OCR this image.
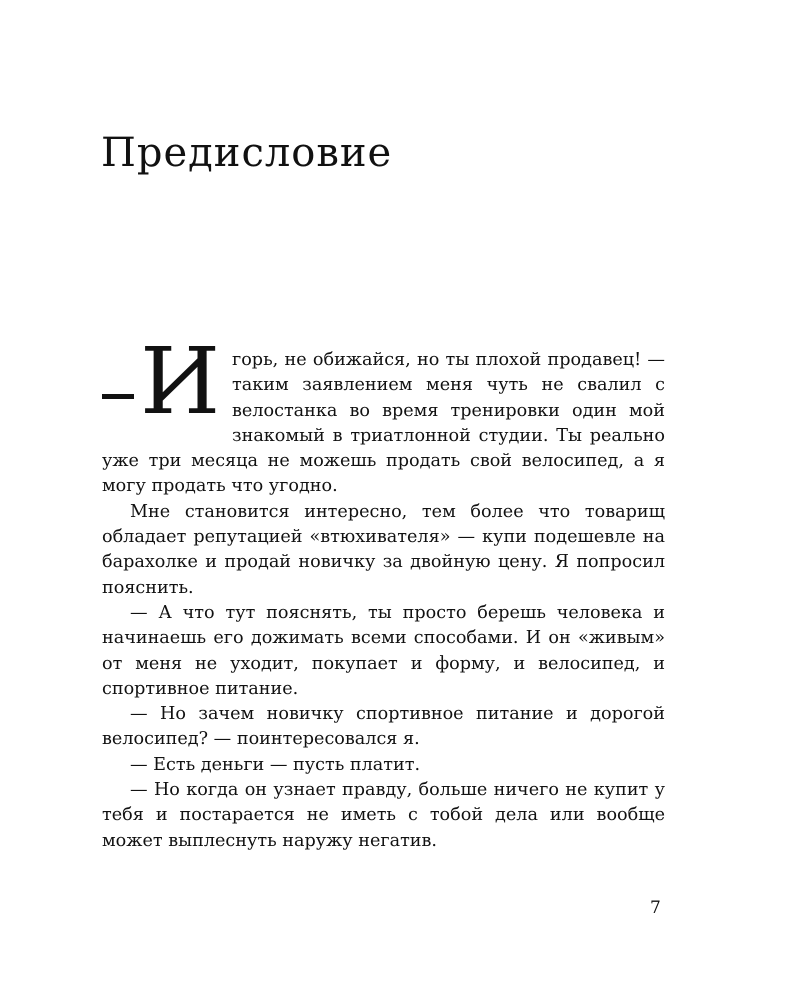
Предисловие
И горь, не обижайся, но ты плохой продавец! — таким заявлением меня чуть не свалил с велостанка во время тренировки один мой знакомый в триатлонной студии. Ты реально уже три месяца не можешь продать свой велосипед, а я могу продать что угодно.

Мне становится интересно, тем более что товарищ обладает репутацией «втюхивателя» — купи подешевле на барахолке и продай новичку за двойную цену. Я попросил пояснить.

— А что тут пояснять, ты просто берешь человека и начинаешь его дожимать всеми способами. И он «живым» от меня не уходит, покупает и форму, и велосипед, и спортивное питание.

— Но зачем новичку спортивное питание и дорогой велосипед? — поинтересовался я.

— Есть деньги — пусть платит.

— Но когда он узнает правду, больше ничего не купит у тебя и постарается не иметь с тобой дела или вообще может выплеснуть наружу негатив.

7
